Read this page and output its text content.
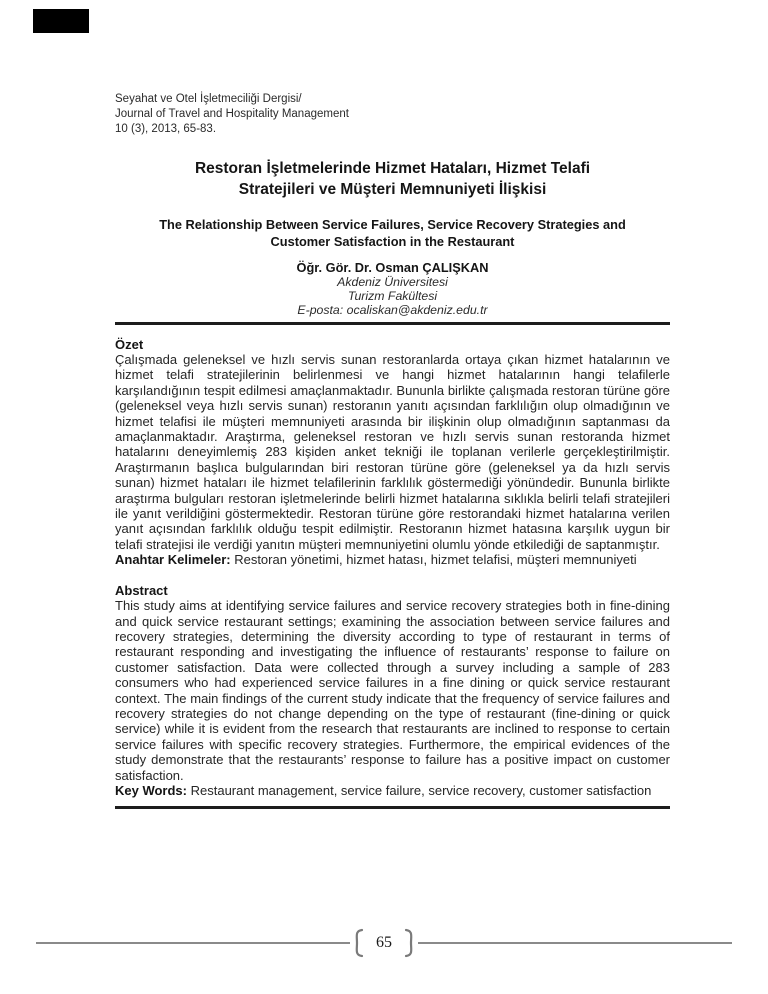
Seyahat ve Otel İşletmeciliği Dergisi/
Journal of Travel and Hospitality Management
10 (3), 2013, 65-83.
Restoran İşletmelerinde Hizmet Hataları, Hizmet Telafi
Stratejileri ve Müşteri Memnuniyeti İlişkisi
The Relationship Between Service Failures, Service Recovery Strategies and
Customer Satisfaction in the Restaurant
Öğr. Gör. Dr. Osman ÇALIŞKAN
Akdeniz Üniversitesi
Turizm Fakültesi
E-posta: ocaliskan@akdeniz.edu.tr
Özet

Çalışmada geleneksel ve hızlı servis sunan restoranlarda ortaya çıkan hizmet hatalarının ve hizmet telafi stratejilerinin belirlenmesi ve hangi hizmet hatalarının hangi telafilerle karşılandığının tespit edilmesi amaçlanmaktadır. Bununla birlikte çalışmada restoran türüne göre (geleneksel veya hızlı servis sunan) restoranın yanıtı açısından farklılığın olup olmadığının ve hizmet telafisi ile müşteri memnuniyeti arasında bir ilişkinin olup olmadığının saptanması da amaçlanmaktadır. Araştırma, geleneksel restoran ve hızlı servis sunan restoranda hizmet hatalarını deneyimlemiş 283 kişiden anket tekniği ile toplanan verilerle gerçekleştirilmiştir. Araştırmanın başlıca bulgularından biri restoran türüne göre (geleneksel ya da hızlı servis sunan) hizmet hataları ile hizmet telafilerinin farklılık göstermediği yönündedir. Bununla birlikte araştırma bulguları restoran işletmelerinde belirli hizmet hatalarına sıklıkla belirli telafi stratejileri ile yanıt verildiğini göstermektedir. Restoran türüne göre restorandaki hizmet hatalarına verilen yanıt açısından farklılık olduğu tespit edilmiştir. Restoranın hizmet hatasına karşılık uygun bir telafi stratejisi ile verdiği yanıtın müşteri memnuniyetini olumlu yönde etkilediği de saptanmıştır.

Anahtar Kelimeler: Restoran yönetimi, hizmet hatası, hizmet telafisi, müşteri memnuniyeti

Abstract

This study aims at identifying service failures and service recovery strategies both in fine-dining and quick service restaurant settings; examining the association between service failures and recovery strategies, determining the diversity according to type of restaurant in terms of restaurant responding and investigating the influence of restaurants’ response to failure on customer satisfaction. Data were collected through a survey including a sample of 283 consumers who had experienced service failures in a fine dining or quick service restaurant context. The main findings of the current study indicate that the frequency of service failures and recovery strategies do not change depending on the type of restaurant (fine-dining or quick service) while it is evident from the research that restaurants are inclined to response to certain service failures with specific recovery strategies. Furthermore, the empirical evidences of the study demonstrate that the restaurants’ response to failure has a positive impact on customer satisfaction.

Key Words: Restaurant management, service failure, service recovery, customer satisfaction

65
